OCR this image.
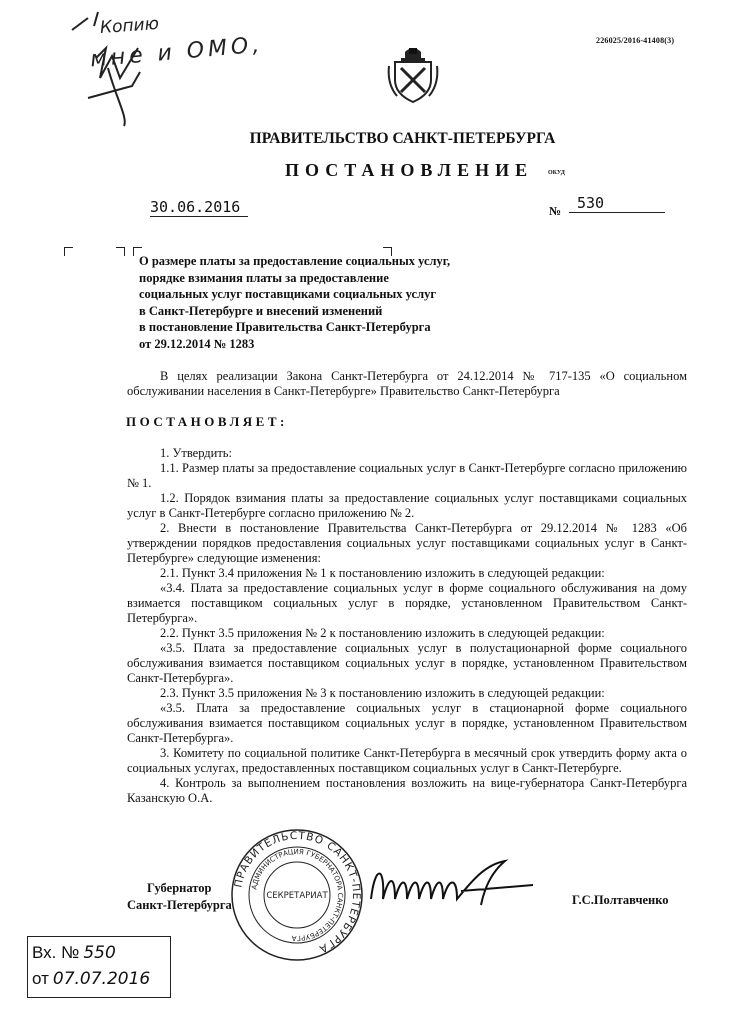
226025/2016-41408(3)
Копию
мне и ОМО,
ПРАВИТЕЛЬСТВО САНКТ-ПЕТЕРБУРГА
ПОСТАНОВЛЕНИЕ ОКУД
30.06.2016	№	530
О размере платы за предоставление социальных услуг,
порядке взимания платы за предоставление
социальных услуг поставщиками социальных услуг
в Санкт-Петербурге и внесений изменений
в постановление Правительства Санкт-Петербурга
от 29.12.2014 № 1283

В целях реализации Закона Санкт-Петербурга от 24.12.2014 № 717-135 «О социальном обслуживании населения в Санкт-Петербурге» Правительство Санкт-Петербурга

ПОСТАНОВЛЯЕТ:

1. Утвердить:

1.1. Размер платы за предоставление социальных услуг в Санкт-Петербурге согласно приложению № 1.

1.2. Порядок взимания платы за предоставление социальных услуг поставщиками социальных услуг в Санкт-Петербурге согласно приложению № 2.

2. Внести в постановление Правительства Санкт-Петербурга от 29.12.2014 № 1283 «Об утверждении порядков предоставления социальных услуг поставщиками социальных услуг в Санкт-Петербурге» следующие изменения:

2.1. Пункт 3.4 приложения № 1 к постановлению изложить в следующей редакции:

«3.4. Плата за предоставление социальных услуг в форме социального обслуживания на дому взимается поставщиком социальных услуг в порядке, установленном Правительством Санкт-Петербурга».

2.2. Пункт 3.5 приложения № 2 к постановлению изложить в следующей редакции:

«3.5. Плата за предоставление социальных услуг в полустационарной форме социального обслуживания взимается поставщиком социальных услуг в порядке, установленном Правительством Санкт-Петербурга».

2.3. Пункт 3.5 приложения № 3 к постановлению изложить в следующей редакции:

«3.5. Плата за предоставление социальных услуг в стационарной форме социального обслуживания взимается поставщиком социальных услуг в порядке, установленном Правительством Санкт-Петербурга».

3. Комитету по социальной политике Санкт-Петербурга в месячный срок утвердить форму акта о социальных услугах, предоставленных поставщиком социальных услуг в Санкт-Петербурге.

4. Контроль за выполнением постановления возложить на вице-губернатора Санкт-Петербурга Казанскую О.А.

Губернатор
Санкт-Петербурга
ПРАВИТЕЛЬСТВО САНКТ-ПЕТЕРБУРГА
АДМИНИСТРАЦИЯ ГУБЕРНАТОРА САНКТ-ПЕТЕРБУРГА
СЕКРЕТАРИАТ	Г.С.Полтавченко
Вх. № 550
от 07.07.2016
